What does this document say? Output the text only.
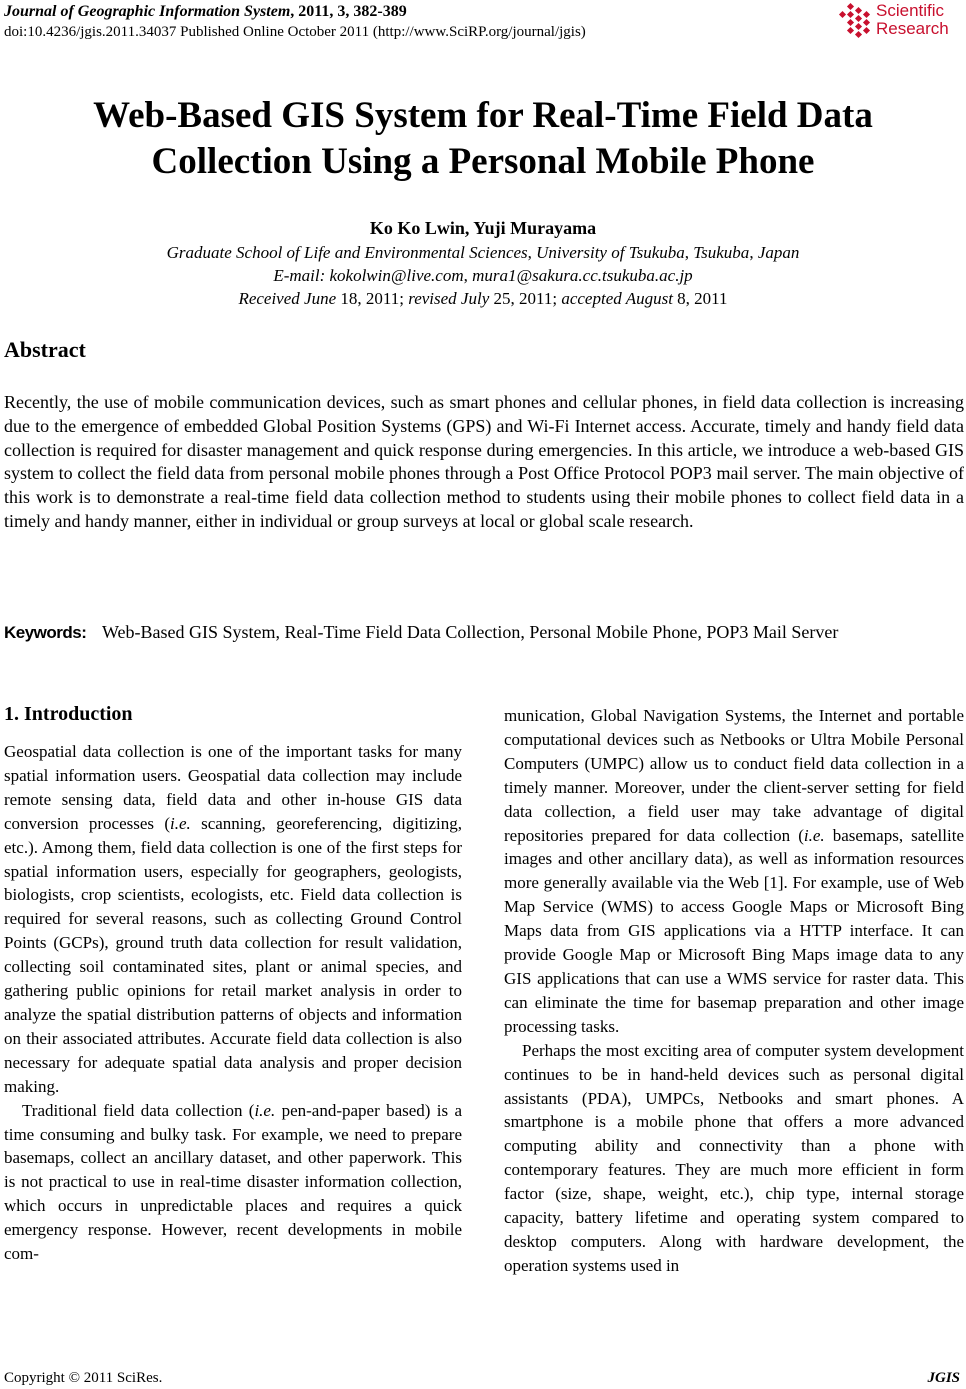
Journal of Geographic Information System, 2011, 3, 382-389
doi:10.4236/jgis.2011.34037 Published Online October 2011 (http://www.SciRP.org/journal/jgis)
Scientific
Research
Web-Based GIS System for Real-Time Field Data
Collection Using a Personal Mobile Phone
Ko Ko Lwin, Yuji Murayama
Graduate School of Life and Environmental Sciences, University of Tsukuba, Tsukuba, Japan
E-mail: kokolwin@live.com, mura1@sakura.cc.tsukuba.ac.jp
Received June 18, 2011; revised July 25, 2011; accepted August 8, 2011
Abstract
Recently, the use of mobile communication devices, such as smart phones and cellular phones, in field data collection is increasing due to the emergence of embedded Global Position Systems (GPS) and Wi-Fi Internet access. Accurate, timely and handy field data collection is required for disaster management and quick response during emergencies. In this article, we introduce a web-based GIS system to collect the field data from personal mobile phones through a Post Office Protocol POP3 mail server. The main objective of this work is to demonstrate a real-time field data collection method to students using their mobile phones to collect field data in a timely and handy manner, either in individual or group surveys at local or global scale research.
Keywords: Web-Based GIS System, Real-Time Field Data Collection, Personal Mobile Phone, POP3 Mail Server
1. Introduction

Geospatial data collection is one of the important tasks for many spatial information users. Geospatial data collection may include remote sensing data, field data and other in-house GIS data conversion processes (i.e. scanning, georeferencing, digitizing, etc.). Among them, field data collection is one of the first steps for spatial information users, especially for geographers, geologists, biologists, crop scientists, ecologists, etc. Field data collection is required for several reasons, such as collecting Ground Control Points (GCPs), ground truth data collection for result validation, collecting soil contaminated sites, plant or animal species, and gathering public opinions for retail market analysis in order to analyze the spatial distribution patterns of objects and information on their associated attributes. Accurate field data collection is also necessary for adequate spatial data analysis and proper decision making.

Traditional field data collection (i.e. pen-and-paper based) is a time consuming and bulky task. For example, we need to prepare basemaps, collect an ancillary dataset, and other paperwork. This is not practical to use in real-time disaster information collection, which occurs in unpredictable places and requires a quick emergency response. However, recent developments in mobile com-

munication, Global Navigation Systems, the Internet and portable computational devices such as Netbooks or Ultra Mobile Personal Computers (UMPC) allow us to conduct field data collection in a timely manner. Moreover, under the client-server setting for field data collection, a field user may take advantage of digital repositories prepared for data collection (i.e. basemaps, satellite images and other ancillary data), as well as information resources more generally available via the Web [1]. For example, use of Web Map Service (WMS) to access Google Maps or Microsoft Bing Maps data from GIS applications via a HTTP interface. It can provide Google Map or Microsoft Bing Maps image data to any GIS applications that can use a WMS service for raster data. This can eliminate the time for basemap preparation and other image processing tasks.

Perhaps the most exciting area of computer system development continues to be in hand-held devices such as personal digital assistants (PDA), UMPCs, Netbooks and smart phones. A smartphone is a mobile phone that offers a more advanced computing ability and connectivity than a phone with contemporary features. They are much more efficient in form factor (size, shape, weight, etc.), chip type, internal storage capacity, battery lifetime and operating system compared to desktop computers. Along with hardware development, the operation systems used in

Copyright © 2011 SciRes.	JGIS
